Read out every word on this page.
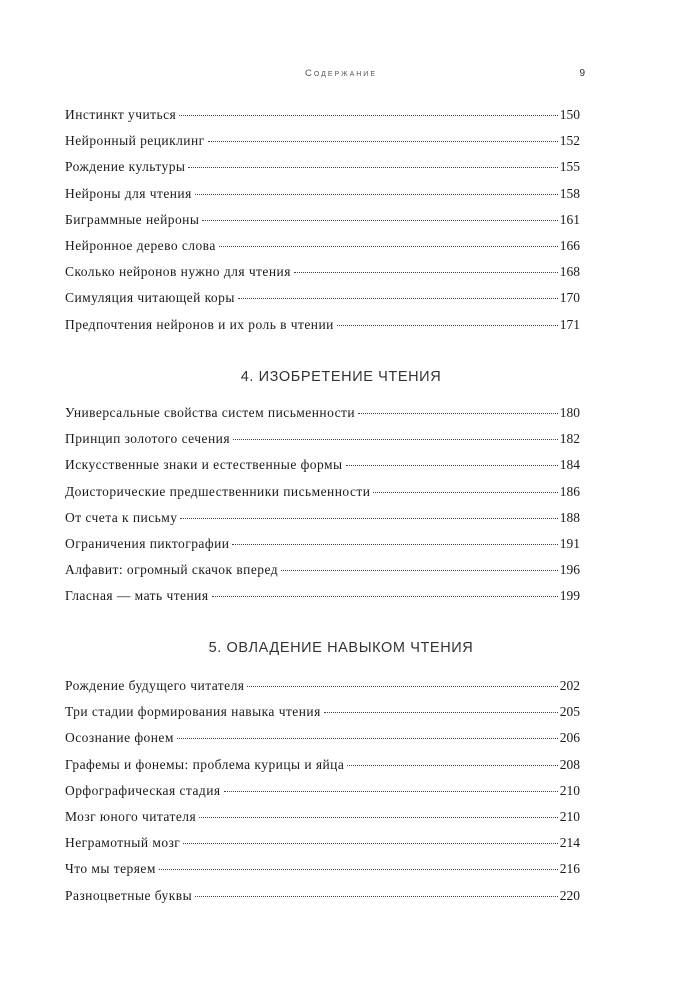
Содержание	9
Инстинкт учиться	150
Нейронный рециклинг	152
Рождение культуры	155
Нейроны для чтения	158
Биграммные нейроны	161
Нейронное дерево слова	166
Сколько нейронов нужно для чтения	168
Симуляция читающей коры	170
Предпочтения нейронов и их роль в чтении	171
4. ИЗОБРЕТЕНИЕ ЧТЕНИЯ
Универсальные свойства систем письменности	180
Принцип золотого сечения	182
Искусственные знаки и естественные формы	184
Доисторические предшественники письменности	186
От счета к письму	188
Ограничения пиктографии	191
Алфавит: огромный скачок вперед	196
Гласная — мать чтения	199
5. ОВЛАДЕНИЕ НАВЫКОМ ЧТЕНИЯ
Рождение будущего читателя	202
Три стадии формирования навыка чтения	205
Осознание фонем	206
Графемы и фонемы: проблема курицы и яйца	208
Орфографическая стадия	210
Мозг юного читателя	210
Неграмотный мозг	214
Что мы теряем	216
Разноцветные буквы	220
